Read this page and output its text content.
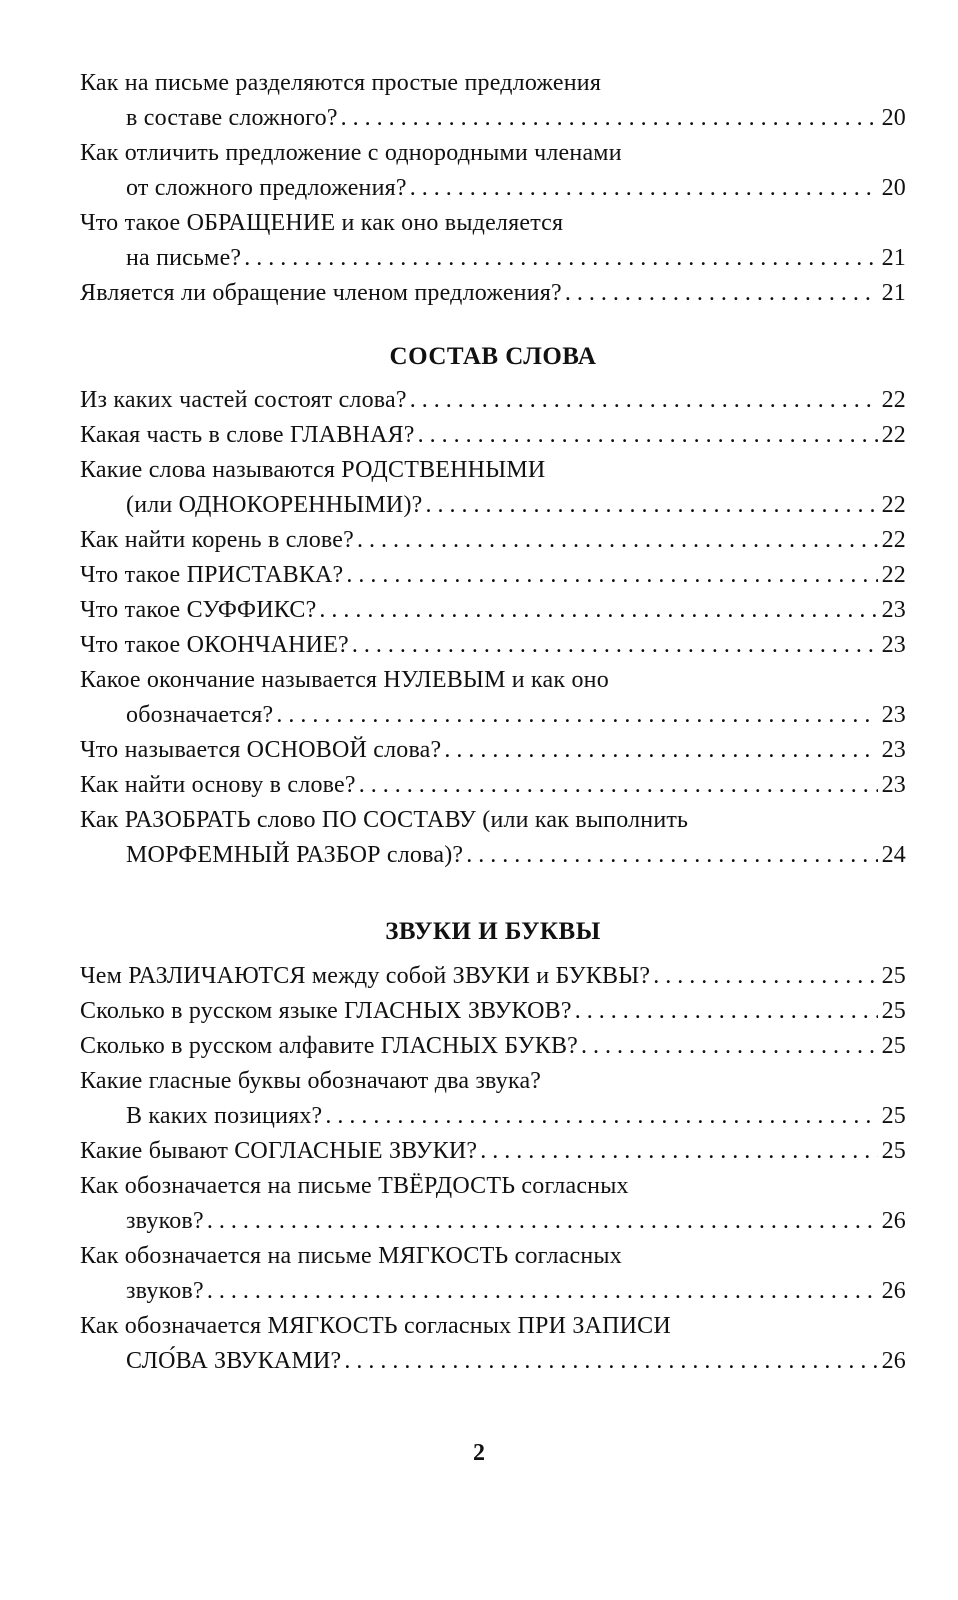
Как на письме разделяются простые предложения
в составе сложного? . . .	20
Как отличить предложение с однородными членами
от сложного предложения? . . .	20
Что такое ОБРАЩЕНИЕ и как оно выделяется
на письме? . . .	21
Является ли обращение членом предложения? . . .	21
СОСТАВ СЛОВА
Из каких частей состоят слова? . . .	22
Какая часть в слове ГЛАВНАЯ? . . .	22
Какие слова называются РОДСТВЕННЫМИ
(или ОДНОКОРЕННЫМИ)? . . .	22
Как найти корень в слове? . . .	22
Что такое ПРИСТАВКА? . . .	22
Что такое СУФФИКС? . . .	23
Что такое ОКОНЧАНИЕ? . . .	23
Какое окончание называется НУЛЕВЫМ и как оно
обозначается? . . .	23
Что называется ОСНОВОЙ слова? . . .	23
Как найти основу в слове? . . .	23
Как РАЗОБРАТЬ слово ПО СОСТАВУ (или как выполнить
МОРФЕМНЫЙ РАЗБОР слова)? . . .	24
ЗВУКИ И БУКВЫ
Чем РАЗЛИЧАЮТСЯ между собой ЗВУКИ и БУКВЫ? . . .	25
Сколько в русском языке ГЛАСНЫХ ЗВУКОВ? . . .	25
Сколько в русском алфавите ГЛАСНЫХ БУКВ? . . .	25
Какие гласные буквы обозначают два звука?
В каких позициях? . . .	25
Какие бывают СОГЛАСНЫЕ ЗВУКИ? . . .	25
Как обозначается на письме ТВЁРДОСТЬ согласных
звуков? . . .	26
Как обозначается на письме МЯГКОСТЬ согласных
звуков? . . .	26
Как обозначается МЯГКОСТЬ согласных ПРИ ЗАПИСИ
СЛО́ВА ЗВУКАМИ? . . .	26
2
